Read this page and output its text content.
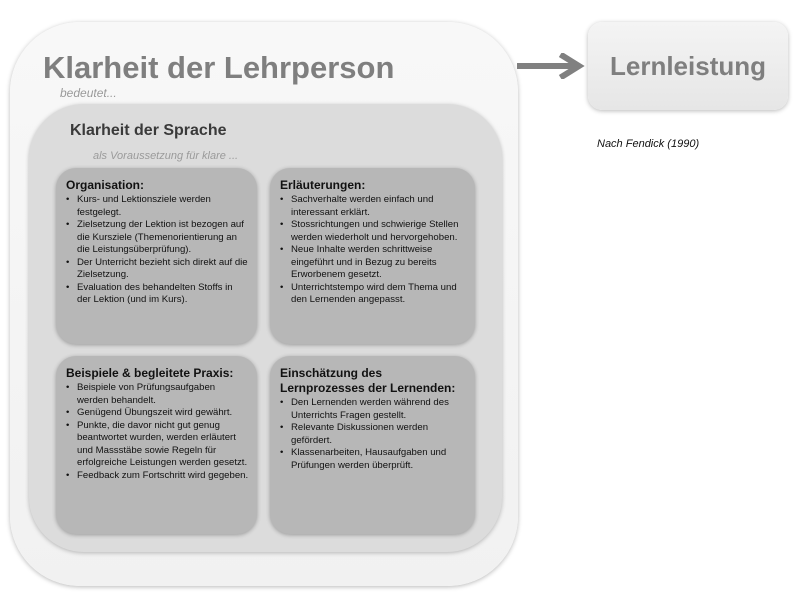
Klarheit der Lehrperson
bedeutet...
Klarheit der Sprache
als Voraussetzung für klare ...
Organisation:
• Kurs- und Lektionsziele werden festgelegt.
• Zielsetzung der Lektion ist bezogen auf die Kursziele (Themenorientierung an die Leistungsüberprüfung).
• Der Unterricht bezieht sich direkt auf die Zielsetzung.
• Evaluation des behandelten Stoffs in der Lektion (und im Kurs).
Erläuterungen:
• Sachverhalte werden einfach und interessant erklärt.
• Stossrichtungen und schwierige Stellen werden wiederholt und hervorgehoben.
• Neue Inhalte werden schrittweise eingeführt und in Bezug zu bereits Erworbenem gesetzt.
• Unterrichtstempo wird dem Thema und den Lernenden angepasst.
Beispiele & begleitete Praxis:
• Beispiele von Prüfungsaufgaben werden behandelt.
• Genügend Übungszeit wird gewährt.
• Punkte, die davor nicht gut genug beantwortet wurden, werden erläutert und Massstäbe sowie Regeln für erfolgreiche Leistungen werden gesetzt.
• Feedback zum Fortschritt wird gegeben.
Einschätzung des Lernprozesses der Lernenden:
• Den Lernenden werden während des Unterrichts Fragen gestellt.
• Relevante Diskussionen werden gefördert.
• Klassenarbeiten, Hausaufgaben und Prüfungen werden überprüft.
Lernleistung
Nach Fendick (1990)
